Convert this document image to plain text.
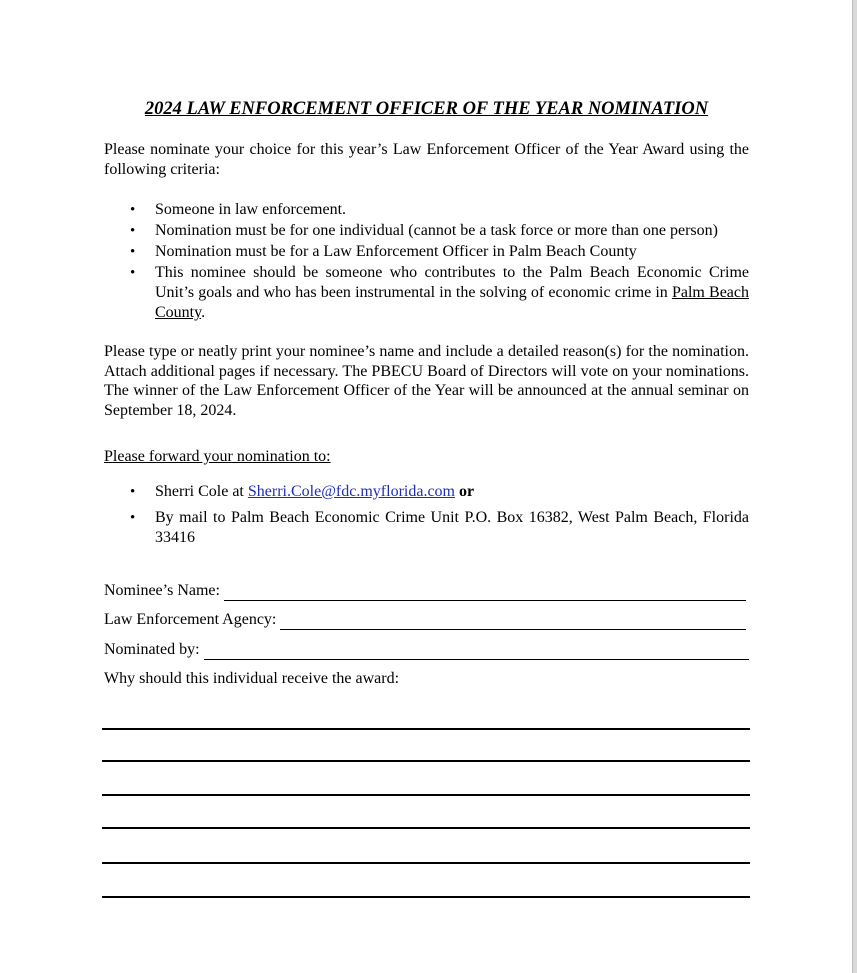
2024 LAW ENFORCEMENT OFFICER OF THE YEAR NOMINATION
Please nominate your choice for this year’s Law Enforcement Officer of the Year Award using the following criteria:
• Someone in law enforcement.
• Nomination must be for one individual (cannot be a task force or more than one person)
• Nomination must be for a Law Enforcement Officer in Palm Beach County
• This nominee should be someone who contributes to the Palm Beach Economic Crime Unit’s goals and who has been instrumental in the solving of economic crime in Palm Beach County.
Please type or neatly print your nominee’s name and include a detailed reason(s) for the nomination. Attach additional pages if necessary. The PBECU Board of Directors will vote on your nominations. The winner of the Law Enforcement Officer of the Year will be announced at the annual seminar on September 18, 2024.
Please forward your nomination to:
• Sherri Cole at Sherri.Cole@fdc.myflorida.com or
• By mail to Palm Beach Economic Crime Unit P.O. Box 16382, West Palm Beach, Florida 33416
Nominee’s Name:
Law Enforcement Agency:
Nominated by:
Why should this individual receive the award:
